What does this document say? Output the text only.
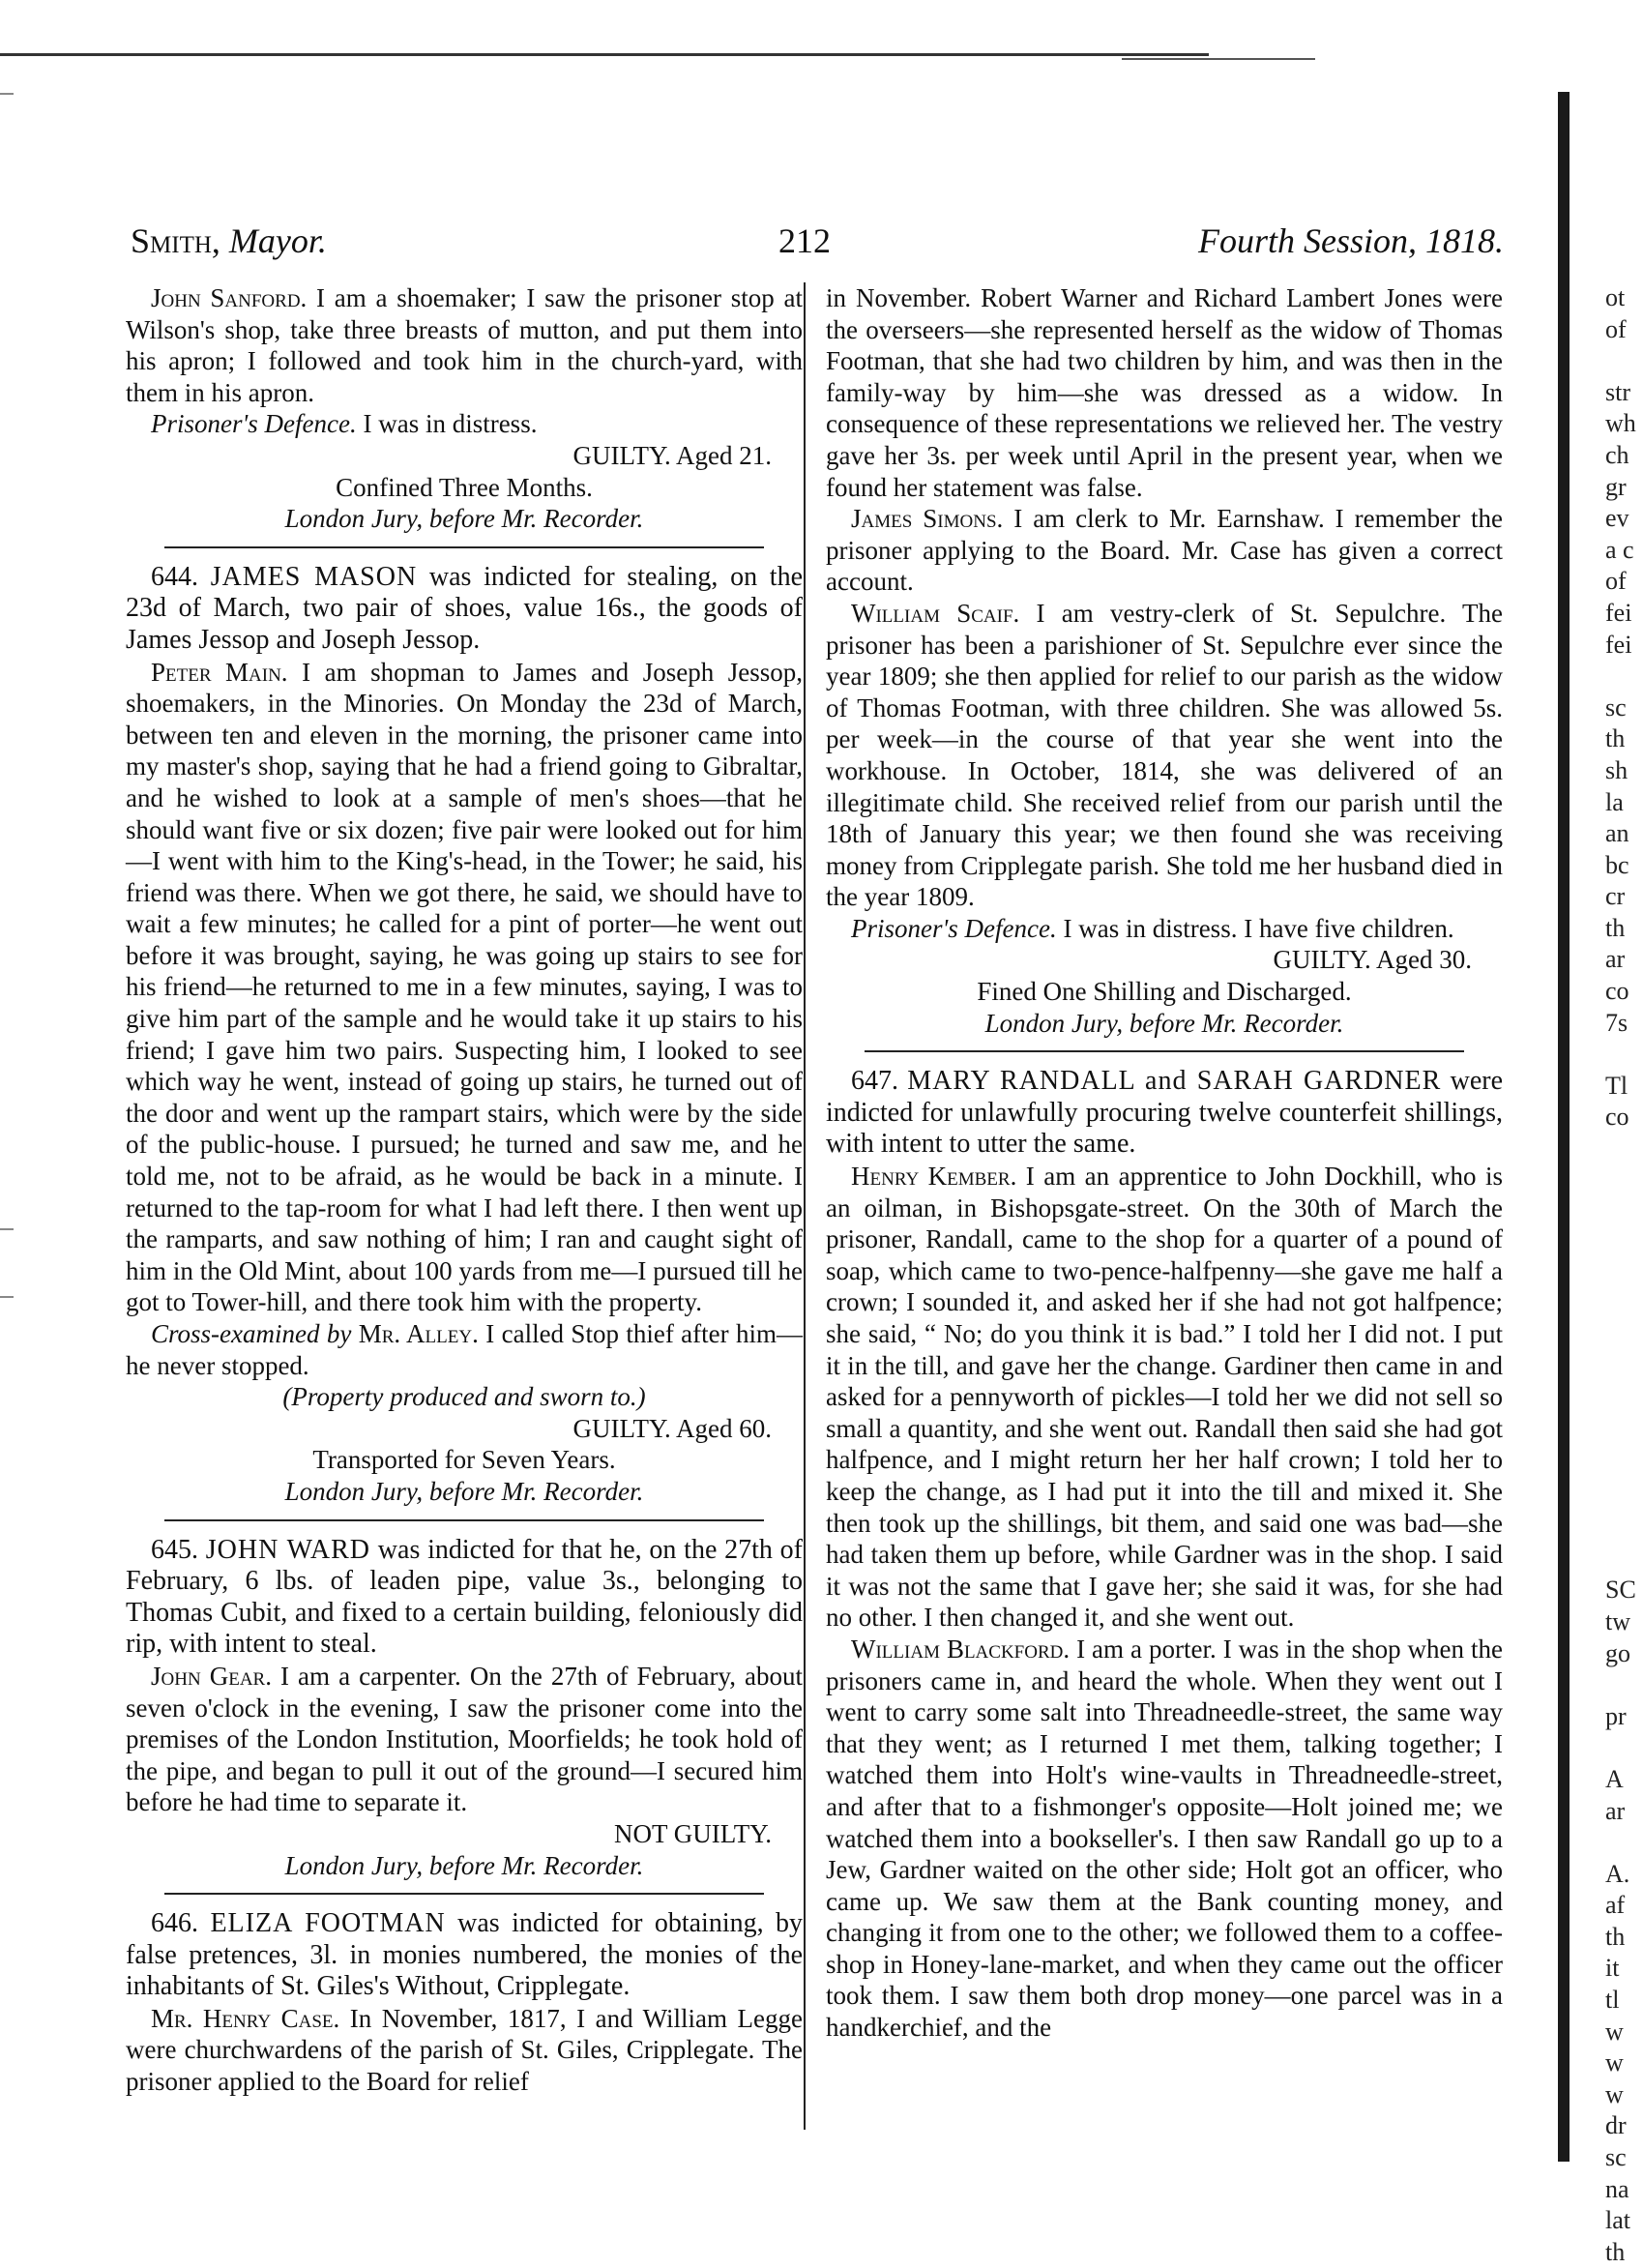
Smith, Mayor.	212	Fourth Session, 1818.

John Sanford. I am a shoemaker; I saw the prisoner stop at Wilson's shop, take three breasts of mutton, and put them into his apron; I followed and took him in the church-yard, with them in his apron.

Prisoner's Defence. I was in distress.

GUILTY. Aged 21.

Confined Three Months.

London Jury, before Mr. Recorder.

644. JAMES MASON was indicted for stealing, on the 23d of March, two pair of shoes, value 16s., the goods of James Jessop and Joseph Jessop.

Peter Main. I am shopman to James and Joseph Jessop, shoemakers, in the Minories. On Monday the 23d of March, between ten and eleven in the morning, the prisoner came into my master's shop, saying that he had a friend going to Gibraltar, and he wished to look at a sample of men's shoes—that he should want five or six dozen; five pair were looked out for him—I went with him to the King's-head, in the Tower; he said, his friend was there. When we got there, he said, we should have to wait a few minutes; he called for a pint of porter—he went out before it was brought, saying, he was going up stairs to see for his friend—he returned to me in a few minutes, saying, I was to give him part of the sample and he would take it up stairs to his friend; I gave him two pairs. Suspecting him, I looked to see which way he went, instead of going up stairs, he turned out of the door and went up the rampart stairs, which were by the side of the public-house. I pursued; he turned and saw me, and he told me, not to be afraid, as he would be back in a minute. I returned to the tap-room for what I had left there. I then went up the ramparts, and saw nothing of him; I ran and caught sight of him in the Old Mint, about 100 yards from me—I pursued till he got to Tower-hill, and there took him with the property.

Cross-examined by Mr. Alley. I called Stop thief after him—he never stopped.

(Property produced and sworn to.)

GUILTY. Aged 60.

Transported for Seven Years.

London Jury, before Mr. Recorder.

645. JOHN WARD was indicted for that he, on the 27th of February, 6 lbs. of leaden pipe, value 3s., belonging to Thomas Cubit, and fixed to a certain building, feloniously did rip, with intent to steal.

John Gear. I am a carpenter. On the 27th of February, about seven o'clock in the evening, I saw the prisoner come into the premises of the London Institution, Moorfields; he took hold of the pipe, and began to pull it out of the ground—I secured him before he had time to separate it.

NOT GUILTY.

London Jury, before Mr. Recorder.

646. ELIZA FOOTMAN was indicted for obtaining, by false pretences, 3l. in monies numbered, the monies of the inhabitants of St. Giles's Without, Cripplegate.

Mr. Henry Case. In November, 1817, I and William Legge were churchwardens of the parish of St. Giles, Cripplegate. The prisoner applied to the Board for relief

in November. Robert Warner and Richard Lambert Jones were the overseers—she represented herself as the widow of Thomas Footman, that she had two children by him, and was then in the family-way by him—she was dressed as a widow. In consequence of these representations we relieved her. The vestry gave her 3s. per week until April in the present year, when we found her statement was false.

James Simons. I am clerk to Mr. Earnshaw. I remember the prisoner applying to the Board. Mr. Case has given a correct account.

William Scaif. I am vestry-clerk of St. Sepulchre. The prisoner has been a parishioner of St. Sepulchre ever since the year 1809; she then applied for relief to our parish as the widow of Thomas Footman, with three children. She was allowed 5s. per week—in the course of that year she went into the workhouse. In October, 1814, she was delivered of an illegitimate child. She received relief from our parish until the 18th of January this year; we then found she was receiving money from Cripplegate parish. She told me her husband died in the year 1809.

Prisoner's Defence. I was in distress. I have five children.

GUILTY. Aged 30.

Fined One Shilling and Discharged.

London Jury, before Mr. Recorder.

647. MARY RANDALL and SARAH GARDNER were indicted for unlawfully procuring twelve counterfeit shillings, with intent to utter the same.

Henry Kember. I am an apprentice to John Dockhill, who is an oilman, in Bishopsgate-street. On the 30th of March the prisoner, Randall, came to the shop for a quarter of a pound of soap, which came to two-pence-halfpenny—she gave me half a crown; I sounded it, and asked her if she had not got halfpence; she said, “ No; do you think it is bad.” I told her I did not. I put it in the till, and gave her the change. Gardiner then came in and asked for a pennyworth of pickles—I told her we did not sell so small a quantity, and she went out. Randall then said she had got halfpence, and I might return her her half crown; I told her to keep the change, as I had put it into the till and mixed it. She then took up the shillings, bit them, and said one was bad—she had taken them up before, while Gardner was in the shop. I said it was not the same that I gave her; she said it was, for she had no other. I then changed it, and she went out.

William Blackford. I am a porter. I was in the shop when the prisoners came in, and heard the whole. When they went out I went to carry some salt into Threadneedle-street, the same way that they went; as I returned I met them, talking together; I watched them into Holt's wine-vaults in Threadneedle-street, and after that to a fishmonger's opposite—Holt joined me; we watched them into a bookseller's. I then saw Randall go up to a Jew, Gardner waited on the other side; Holt got an officer, who came up. We saw them at the Bank counting money, and changing it from one to the other; we followed them to a coffee-shop in Honey-lane-market, and when they came out the officer took them. I saw them both drop money—one parcel was in a handkerchief, and the

ot
of
str
wh
ch
gr
ev
a c
of
fei
fei
sc
th
sh
la
an
bc
cr
th
ar
co
7s
Tl
co
SC
tw
go
pr
A
ar
A.
af
th
it
tl
w
w
w
dr
sc
na
lat
th
